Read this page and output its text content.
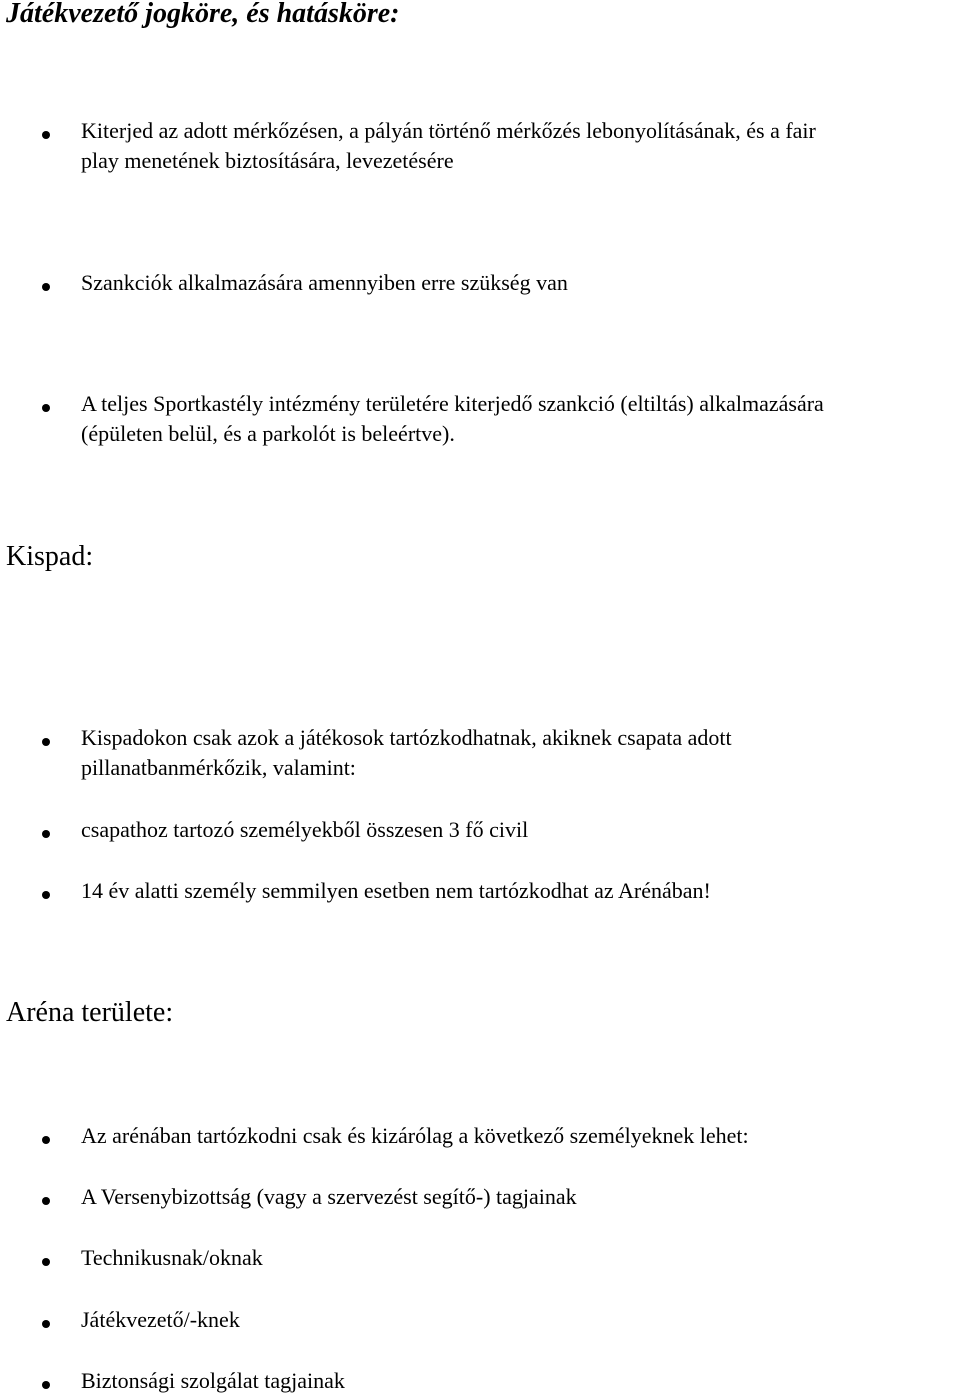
Játékvezető jogköre, és hatásköre:
Kiterjed az adott mérkőzésen, a pályán történő mérkőzés lebonyolításának, és a fair
play menetének biztosítására, levezetésére
Szankciók alkalmazására amennyiben erre szükség van
A teljes Sportkastély intézmény területére kiterjedő szankció (eltiltás) alkalmazására
(épületen belül, és a parkolót is beleértve).
Kispad:
Kispadokon csak azok a játékosok tartózkodhatnak, akiknek csapata adott
pillanatbanmérkőzik, valamint:
csapathoz tartozó személyekből összesen 3 fő civil
14 év alatti személy semmilyen esetben nem tartózkodhat az Arénában!
Aréna területe:
Az arénában tartózkodni csak és kizárólag a következő személyeknek lehet:
A Versenybizottság (vagy a szervezést segítő-) tagjainak
Technikusnak/oknak
Játékvezető/-knek
Biztonsági szolgálat tagjainak
